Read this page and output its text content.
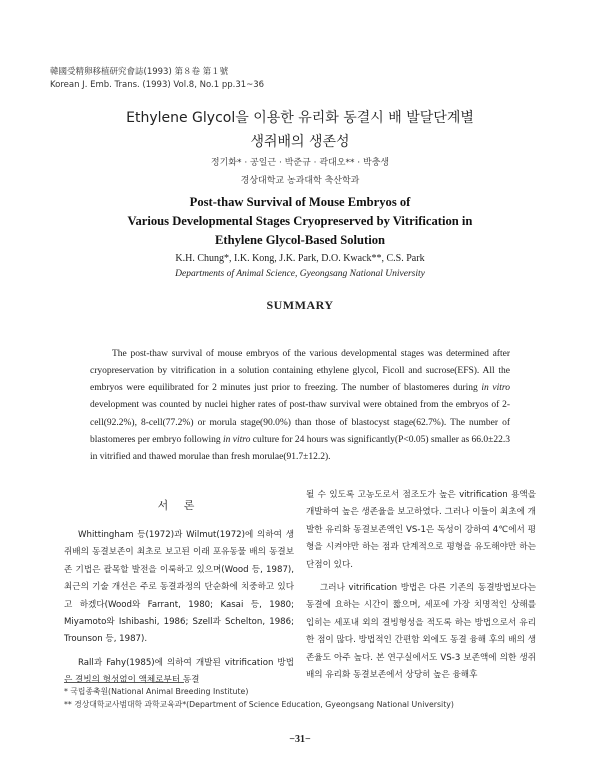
韓國受精卵移植研究會誌(1993) 第８卷 第１號
Korean J. Emb. Trans. (1993) Vol.8, No.1 pp.31~36
Ethylene Glycol을 이용한 유리화 동결시 배 발달단계별
생쥐배의 생존성
정기화* · 공일근 · 박준규 · 곽대오** · 박충생
경상대학교 농과대학 축산학과
Post-thaw Survival of Mouse Embryos of
Various Developmental Stages Cryopreserved by Vitrification in
Ethylene Glycol-Based Solution
K.H. Chung*, I.K. Kong, J.K. Park, D.O. Kwack**, C.S. Park
Departments of Animal Science, Gyeongsang National University
SUMMARY

The post-thaw survival of mouse embryos of the various developmental stages was determined after cryopreservation by vitrification in a solution containing ethylene glycol, Ficoll and sucrose(EFS). All the embryos were equilibrated for 2 minutes just prior to freezing. The number of blastomeres during in vitro development was counted by nuclei higher rates of post-thaw survival were obtained from the embryos of 2-cell(92.2%), 8-cell(77.2%) or morula stage(90.0%) than those of blastocyst stage(62.7%). The number of blastomeres per embryo following in vitro culture for 24 hours was significantly(P<0.05) smaller as 66.0±22.3 in vitrified and thawed morulae than fresh morulae(91.7±12.2).

서 론

Whittingham 등(1972)과 Wilmut(1972)에 의하여 생쥐배의 동결보존이 최초로 보고된 이래 포유동물 배의 동결보존 기법은 괄목할 발전을 이룩하고 있으며(Wood 등, 1987), 최근의 기술 개선은 주로 동결과정의 단순화에 치중하고 있다고 하겠다(Wood와 Farrant, 1980; Kasai 등, 1980; Miyamoto와 Ishibashi, 1986; Szell과 Schelton, 1986; Trounson 등, 1987).

Rall과 Fahy(1985)에 의하여 개발된 vitrification 방법은 결빙의 형성없이 액체로부터 동결

될 수 있도록 고농도로서 점조도가 높은 vitrification 용액을 개발하여 높은 생존율을 보고하였다. 그러나 이들이 최초에 개발한 유리화 동결보존액인 VS-1은 독성이 강하여 4℃에서 평형을 시켜야만 하는 점과 단계적으로 평형을 유도해야만 하는 단점이 있다.

그러나 vitrification 방법은 다른 기존의 동결방법보다는 동결에 요하는 시간이 짧으며, 세포에 가장 치명적인 상해를 입히는 세포내 외의 결빙형성을 적도록 하는 방법으로서 유리한 점이 많다. 방법적인 간편함 외에도 동결 융해 후의 배의 생존율도 아주 높다. 본 연구실에서도 VS-3 보존액에 의한 생쥐배의 유리화 동결보존에서 상당히 높은 융해후

* 국립종축원(National Animal Breeding Institute)
** 경상대학교사범대학 과학교육과*(Department of Science Education, Gyeongsang National University)
−31−
